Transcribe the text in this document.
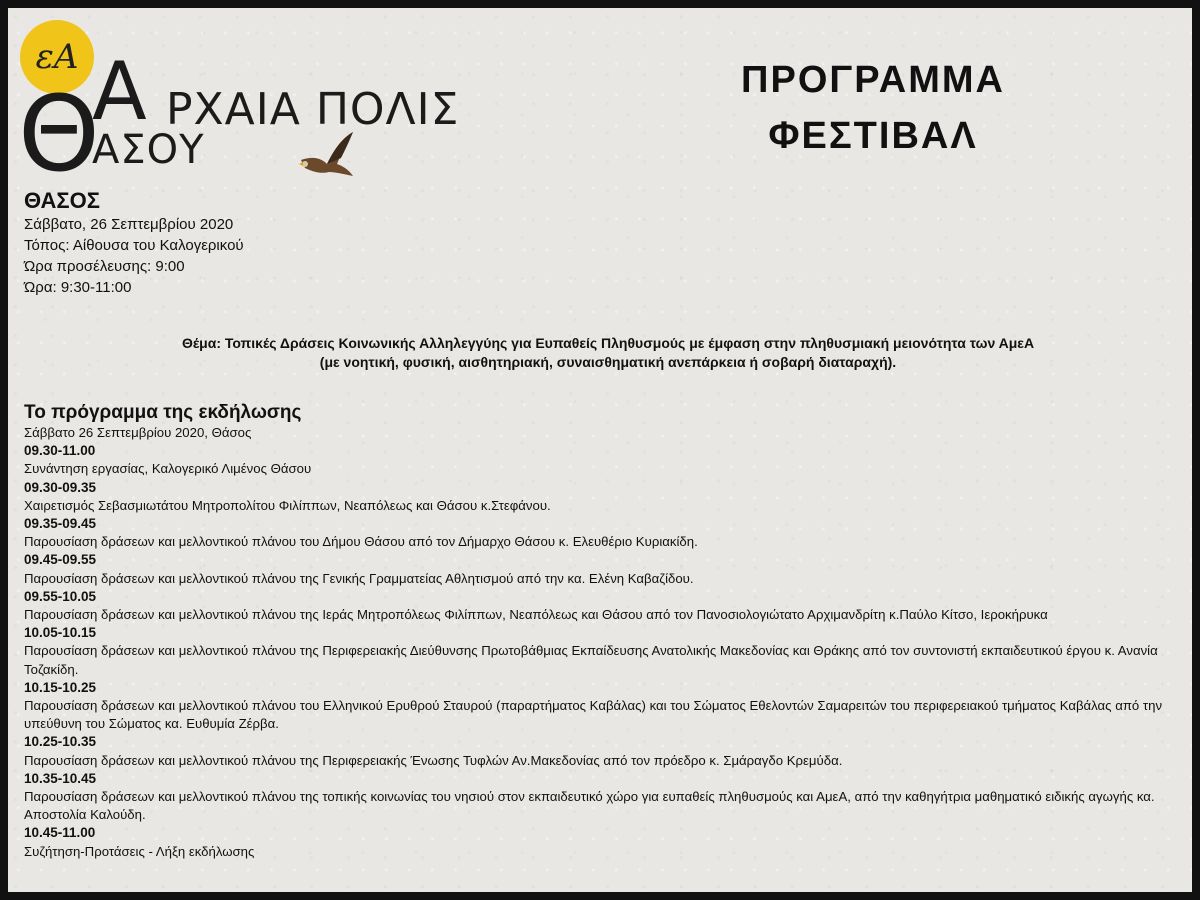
εΑ
Θ
Α ΡΧΑΙΑ ΠΟΛΙΣ
ΑΣΟΥ
ΠΡΟΓΡΑΜΜΑ
ΦΕΣΤΙΒΑΛ
ΘΑΣΟΣ
Σάββατο, 26 Σεπτεμβρίου 2020
Τόπος: Αίθουσα του Καλογερικού
Ώρα προσέλευσης: 9:00
Ώρα: 9:30-11:00
Θέμα: Τοπικές Δράσεις Κοινωνικής Αλληλεγγύης για Ευπαθείς Πληθυσμούς με έμφαση στην πληθυσμιακή μειονότητα των ΑμεΑ
(με νοητική, φυσική, αισθητηριακή, συναισθηματική ανεπάρκεια ή σοβαρή διαταραχή).
Το πρόγραμμα της εκδήλωσης
Σάββατο 26 Σεπτεμβρίου 2020, Θάσος
09.30-11.00
Συνάντηση εργασίας, Καλογερικό Λιμένος Θάσου
09.30-09.35
Χαιρετισμός Σεβασμιωτάτου Μητροπολίτου Φιλίππων, Νεαπόλεως και Θάσου κ.Στεφάνου.
09.35-09.45
Παρουσίαση δράσεων και μελλοντικού πλάνου του Δήμου Θάσου από τον Δήμαρχο Θάσου κ. Ελευθέριο Κυριακίδη.
09.45-09.55
Παρουσίαση δράσεων και μελλοντικού πλάνου της Γενικής Γραμματείας Αθλητισμού από την κα. Ελένη Καβαζίδου.
09.55-10.05
Παρουσίαση δράσεων και μελλοντικού πλάνου της Ιεράς Μητροπόλεως Φιλίππων, Νεαπόλεως και Θάσου από τον Πανοσιολογιώτατο Αρχιμανδρίτη κ.Παύλο Κίτσο, Ιεροκήρυκα
10.05-10.15
Παρουσίαση δράσεων και μελλοντικού πλάνου της Περιφερειακής Διεύθυνσης Πρωτοβάθμιας Εκπαίδευσης Ανατολικής Μακεδονίας και Θράκης από τον συντονιστή εκπαιδευτικού έργου κ. Ανανία Τοζακίδη.
10.15-10.25
Παρουσίαση δράσεων και μελλοντικού πλάνου του Ελληνικού Ερυθρού Σταυρού (παραρτήματος Καβάλας) και του Σώματος Εθελοντών Σαμαρειτών του περιφερειακού τμήματος Καβάλας από την υπεύθυνη του Σώματος κα. Ευθυμία Ζέρβα.
10.25-10.35
Παρουσίαση δράσεων και μελλοντικού πλάνου της Περιφερειακής Ένωσης Τυφλών Αν.Μακεδονίας από τον πρόεδρο κ. Σμάραγδο Κρεμύδα.
10.35-10.45
Παρουσίαση δράσεων και μελλοντικού πλάνου της τοπικής κοινωνίας του νησιού στον εκπαιδευτικό χώρο για ευπαθείς πληθυσμούς και ΑμεΑ, από την καθηγήτρια μαθηματικό ειδικής αγωγής κα. Αποστολία Καλούδη.
10.45-11.00
Συζήτηση-Προτάσεις - Λήξη εκδήλωσης
